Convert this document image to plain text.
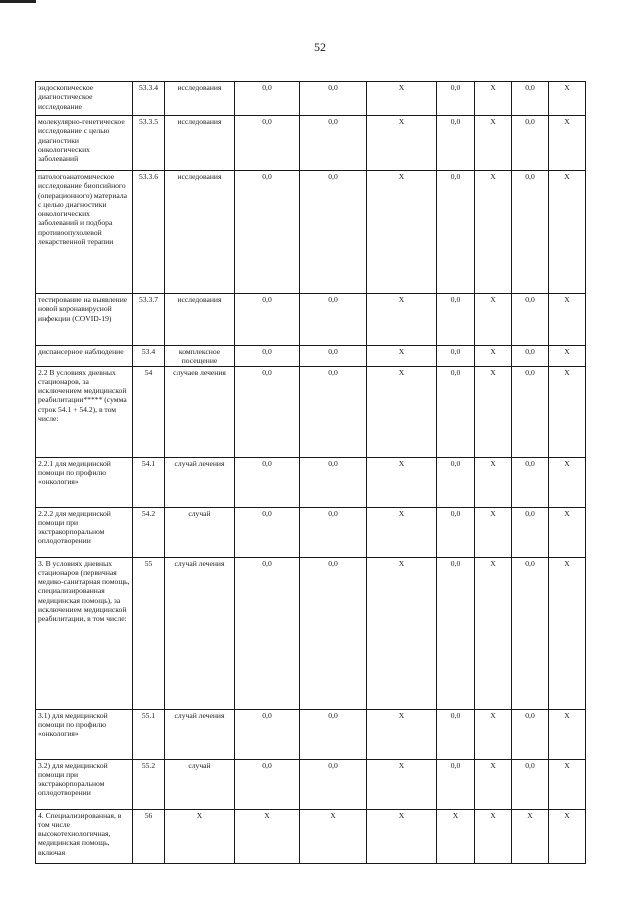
52
эндоскопическое диагностическое исследование	53.3.4	исследования	0,0	0,0	X	0,0	X	0,0	X
молекулярно-генетическое исследование с целью диагностики онкологических заболеваний	53.3.5	исследования	0,0	0,0	X	0,0	X	0,0	X
патологоанатомическое исследование биопсийного (операционного) материала с целью диагностики онкологических заболеваний и подбора противоопухолевой лекарственной терапии	53.3.6	исследования	0,0	0,0	X	0,0	X	0,0	X
тестирование на выявление новой коронавирусной инфекции (COVID-19)	53.3.7	исследования	0,0	0,0	X	0,0	X	0,0	X
диспансерное наблюдение	53.4	комплексное посещение	0,0	0,0	X	0,0	X	0,0	X
2.2 В условиях дневных стационаров, за исключением медицинской реабилитации***** (сумма строк 54.1 + 54.2), в том числе:	54	случаев лечения	0,0	0,0	X	0,0	X	0,0	X
2.2.1 для медицинской помощи по профилю «онкология»	54.1	случай лечения	0,0	0,0	X	0,0	X	0,0	X
2.2.2 для медицинской помощи при экстракорпоральном оплодотворении	54.2	случай	0,0	0,0	X	0,0	X	0,0	X
3. В условиях дневных стационаров (первичная медико-санитарная помощь, специализированная медицинская помощь), за исключением медицинской реабилитации, в том числе:	55	случай лечения	0,0	0,0	X	0,0	X	0,0	X
3.1) для медицинской помощи по профилю «онкология»	55.1	случай лечения	0,0	0,0	X	0,0	X	0,0	X
3.2) для медицинской помощи при экстракорпоральном оплодотворении	55.2	случай	0,0	0,0	X	0,0	X	0,0	X
4. Специализированная, в том числе высокотехнологичная, медицинская помощь, включая	56	X	X	X	X	X	X	X	X
